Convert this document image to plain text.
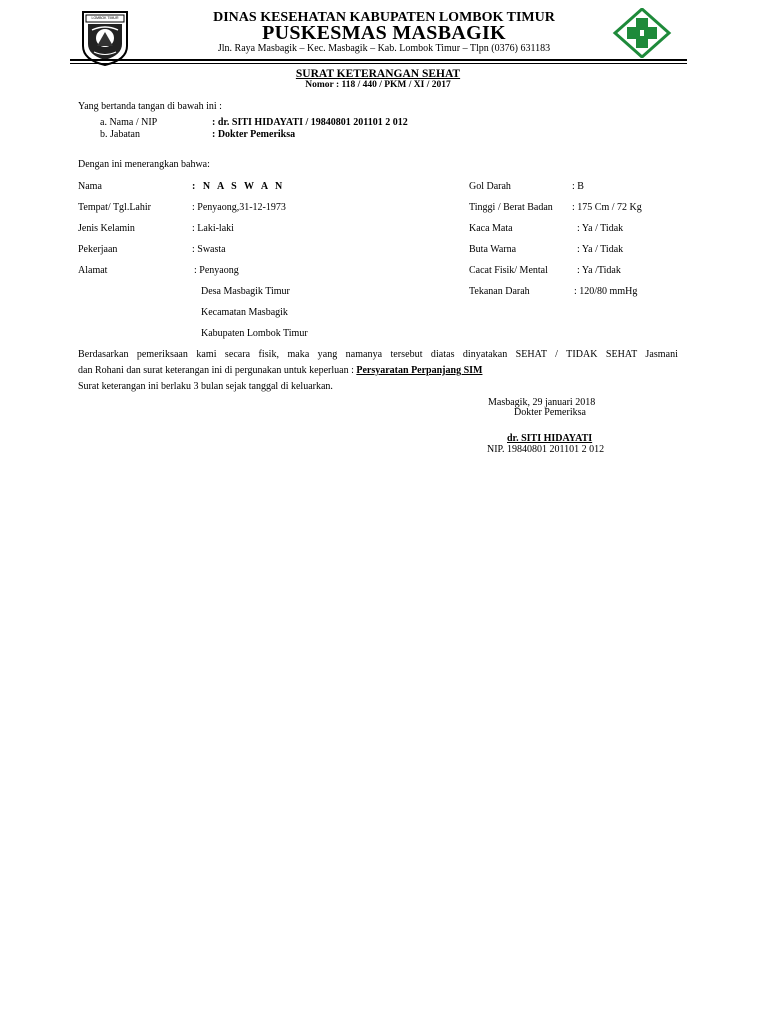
LOMBOK TIMUR	DINAS KESEHATAN KABUPATEN LOMBOK TIMUR
PUSKESMAS MASBAGIK
Jln. Raya Masbagik – Kec. Masbagik – Kab. Lombok Timur – Tlpn (0376) 631183
SURAT KETERANGAN SEHAT
Nomor : 118 / 440 / PKM / XI / 2017
Yang bertanda tangan di bawah ini :
a. Nama / NIP	: dr. SITI HIDAYATI / 19840801 201101 2 012
b. Jabatan	: Dokter Pemeriksa
Dengan ini menerangkan bahwa:
Nama	: N A S W A N
Tempat/ Tgl.Lahir	: Penyaong,31-12-1973
Jenis Kelamin	: Laki-laki
Pekerjaan	: Swasta
Alamat	: Penyaong
Desa Masbagik Timur
Kecamatan Masbagik
Kabupaten Lombok Timur
Gol Darah	: B
Tinggi / Berat Badan : 175 Cm / 72 Kg
Kaca Mata	: Ya / Tidak
Buta Warna	: Ya / Tidak
Cacat Fisik/ Mental	: Ya /Tidak
Tekanan Darah	: 120/80 mmHg
Berdasarkan pemeriksaan kami secara fisik, maka yang namanya tersebut diatas dinyatakan SEHAT / TIDAK SEHAT Jasmani
dan Rohani dan surat keterangan ini di pergunakan untuk keperluan : Persyaratan Perpanjang SIM
Surat keterangan ini berlaku 3 bulan sejak tanggal di keluarkan.
Masbagik, 29 januari 2018
Dokter Pemeriksa
dr. SITI HIDAYATI
NIP. 19840801 201101 2 012
